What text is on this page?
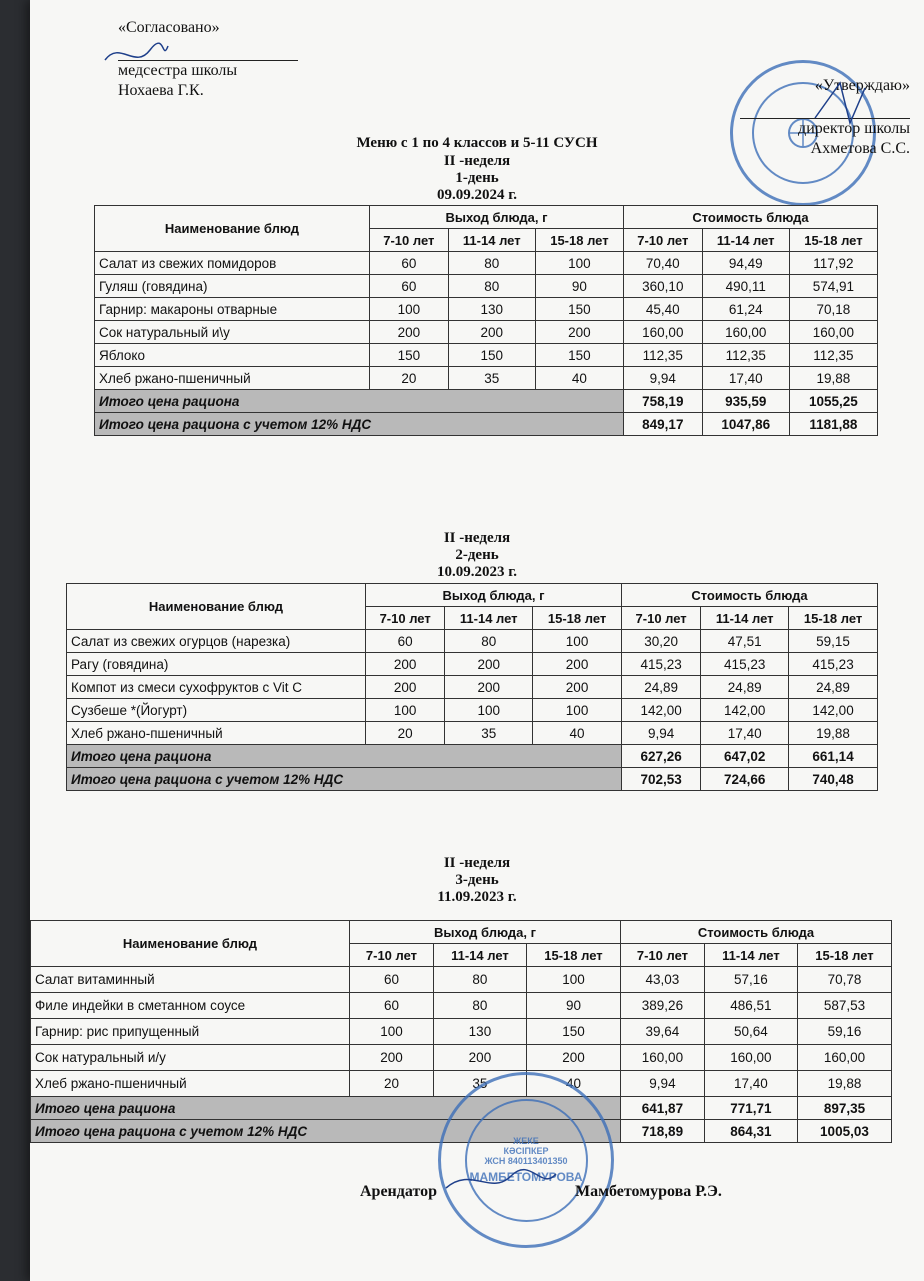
«Согласовано»
медсестра школы
Нохаева Г.К.	«Утверждаю»
директор школы
Ахметова С.С.
Меню с 1 по 4 классов и 5-11 СУСН
II -неделя
1-день
09.09.2024 г.
Наименование блюд	Выход блюда, г			Стоимость блюда		
	7-10 лет	11-14 лет	15-18 лет	7-10 лет	11-14 лет	15-18 лет
Салат из свежих помидоров	60	80	100	70,40	94,49	117,92
Гуляш (говядина)	60	80	90	360,10	490,11	574,91
Гарнир: макароны отварные	100	130	150	45,40	61,24	70,18
Сок натуральный и\у	200	200	200	160,00	160,00	160,00
Яблоко	150	150	150	112,35	112,35	112,35
Хлеб ржано-пшеничный	20	35	40	9,94	17,40	19,88
Итого цена рациона				758,19	935,59	1055,25
Итого цена рациона с учетом 12% НДС				849,17	1047,86	1181,88
II -неделя
2-день
10.09.2023 г.
Наименование блюд	Выход блюда, г			Стоимость блюда		
	7-10 лет	11-14 лет	15-18 лет	7-10 лет	11-14 лет	15-18 лет
Салат из свежих огурцов (нарезка)	60	80	100	30,20	47,51	59,15
Рагу (говядина)	200	200	200	415,23	415,23	415,23
Компот из смеси сухофруктов с Vit C	200	200	200	24,89	24,89	24,89
Сузбеше *(Йогурт)	100	100	100	142,00	142,00	142,00
Хлеб ржано-пшеничный	20	35	40	9,94	17,40	19,88
Итого цена рациона				627,26	647,02	661,14
Итого цена рациона с учетом 12% НДС				702,53	724,66	740,48
II -неделя
3-день
11.09.2023 г.
Наименование блюд	Выход блюда, г			Стоимость блюда		
	7-10 лет	11-14 лет	15-18 лет	7-10 лет	11-14 лет	15-18 лет
Салат витаминный	60	80	100	43,03	57,16	70,78
Филе индейки в сметанном соусе	60	80	90	389,26	486,51	587,53
Гарнир: рис припущенный	100	130	150	39,64	50,64	59,16
Сок натуральный и/у	200	200	200	160,00	160,00	160,00
Хлеб ржано-пшеничный	20	35	40	9,94	17,40	19,88
Итого цена рациона				641,87	771,71	897,35
Итого цена рациона с учетом 12% НДС				718,89	864,31	1005,03
ЖЕКЕ
КӘСІПКЕР
ЖСН 840113401350
МАМБЕТОМУРОВА
Арендатор	Мамбетомурова Р.Э.
